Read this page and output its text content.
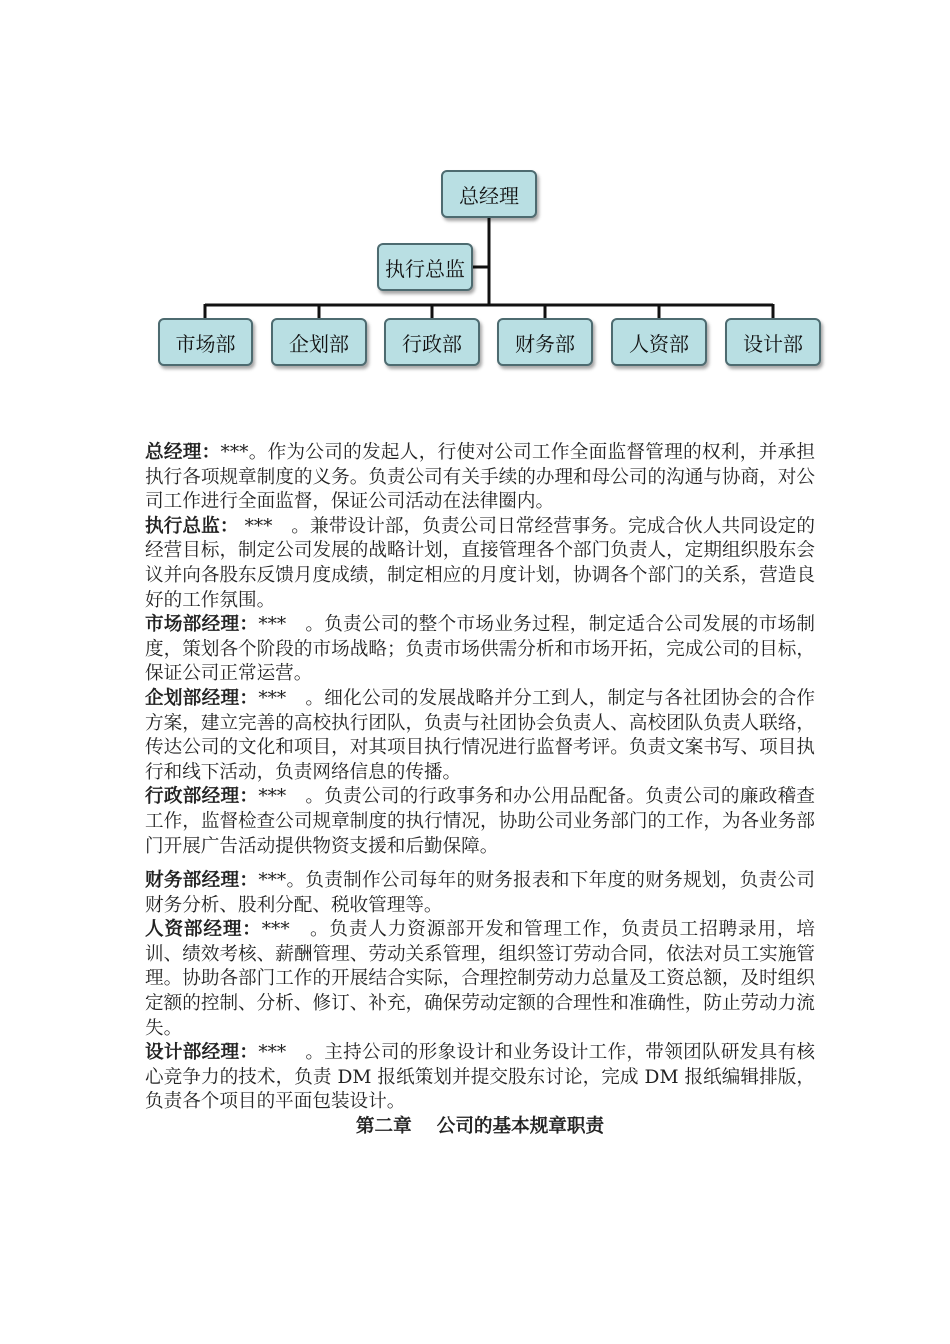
总经理
执行总监
市场部	企划部	行政部	财务部	人资部	设计部

总经理：***。作为公司的发起人，行使对公司工作全面监督管理的权利，并承担执行各项规章制度的义务。负责公司有关手续的办理和母公司的沟通与协商，对公司工作进行全面监督，保证公司活动在法律圈内。

执行总监： ***　。兼带设计部，负责公司日常经营事务。完成合伙人共同设定的经营目标，制定公司发展的战略计划，直接管理各个部门负责人，定期组织股东会议并向各股东反馈月度成绩，制定相应的月度计划，协调各个部门的关系，营造良好的工作氛围。

市场部经理：***　。负责公司的整个市场业务过程，制定适合公司发展的市场制度，策划各个阶段的市场战略；负责市场供需分析和市场开拓，完成公司的目标，保证公司正常运营。

企划部经理：***　。细化公司的发展战略并分工到人，制定与各社团协会的合作方案，建立完善的高校执行团队，负责与社团协会负责人、高校团队负责人联络，传达公司的文化和项目，对其项目执行情况进行监督考评。负责文案书写、项目执行和线下活动，负责网络信息的传播。

行政部经理：***　。负责公司的行政事务和办公用品配备。负责公司的廉政稽查工作，监督检查公司规章制度的执行情况，协助公司业务部门的工作，为各业务部门开展广告活动提供物资支援和后勤保障。

财务部经理：***。负责制作公司每年的财务报表和下年度的财务规划，负责公司财务分析、股利分配、税收管理等。

人资部经理：***　。负责人力资源部开发和管理工作，负责员工招聘录用，培训、绩效考核、薪酬管理、劳动关系管理，组织签订劳动合同，依法对员工实施管理。协助各部门工作的开展结合实际，合理控制劳动力总量及工资总额，及时组织定额的控制、分析、修订、补充，确保劳动定额的合理性和准确性，防止劳动力流失。

设计部经理：***　。主持公司的形象设计和业务设计工作，带领团队研发具有核心竞争力的技术，负责 DM 报纸策划并提交股东讨论，完成 DM 报纸编辑排版，负责各个项目的平面包装设计。

第二章　 公司的基本规章职责
